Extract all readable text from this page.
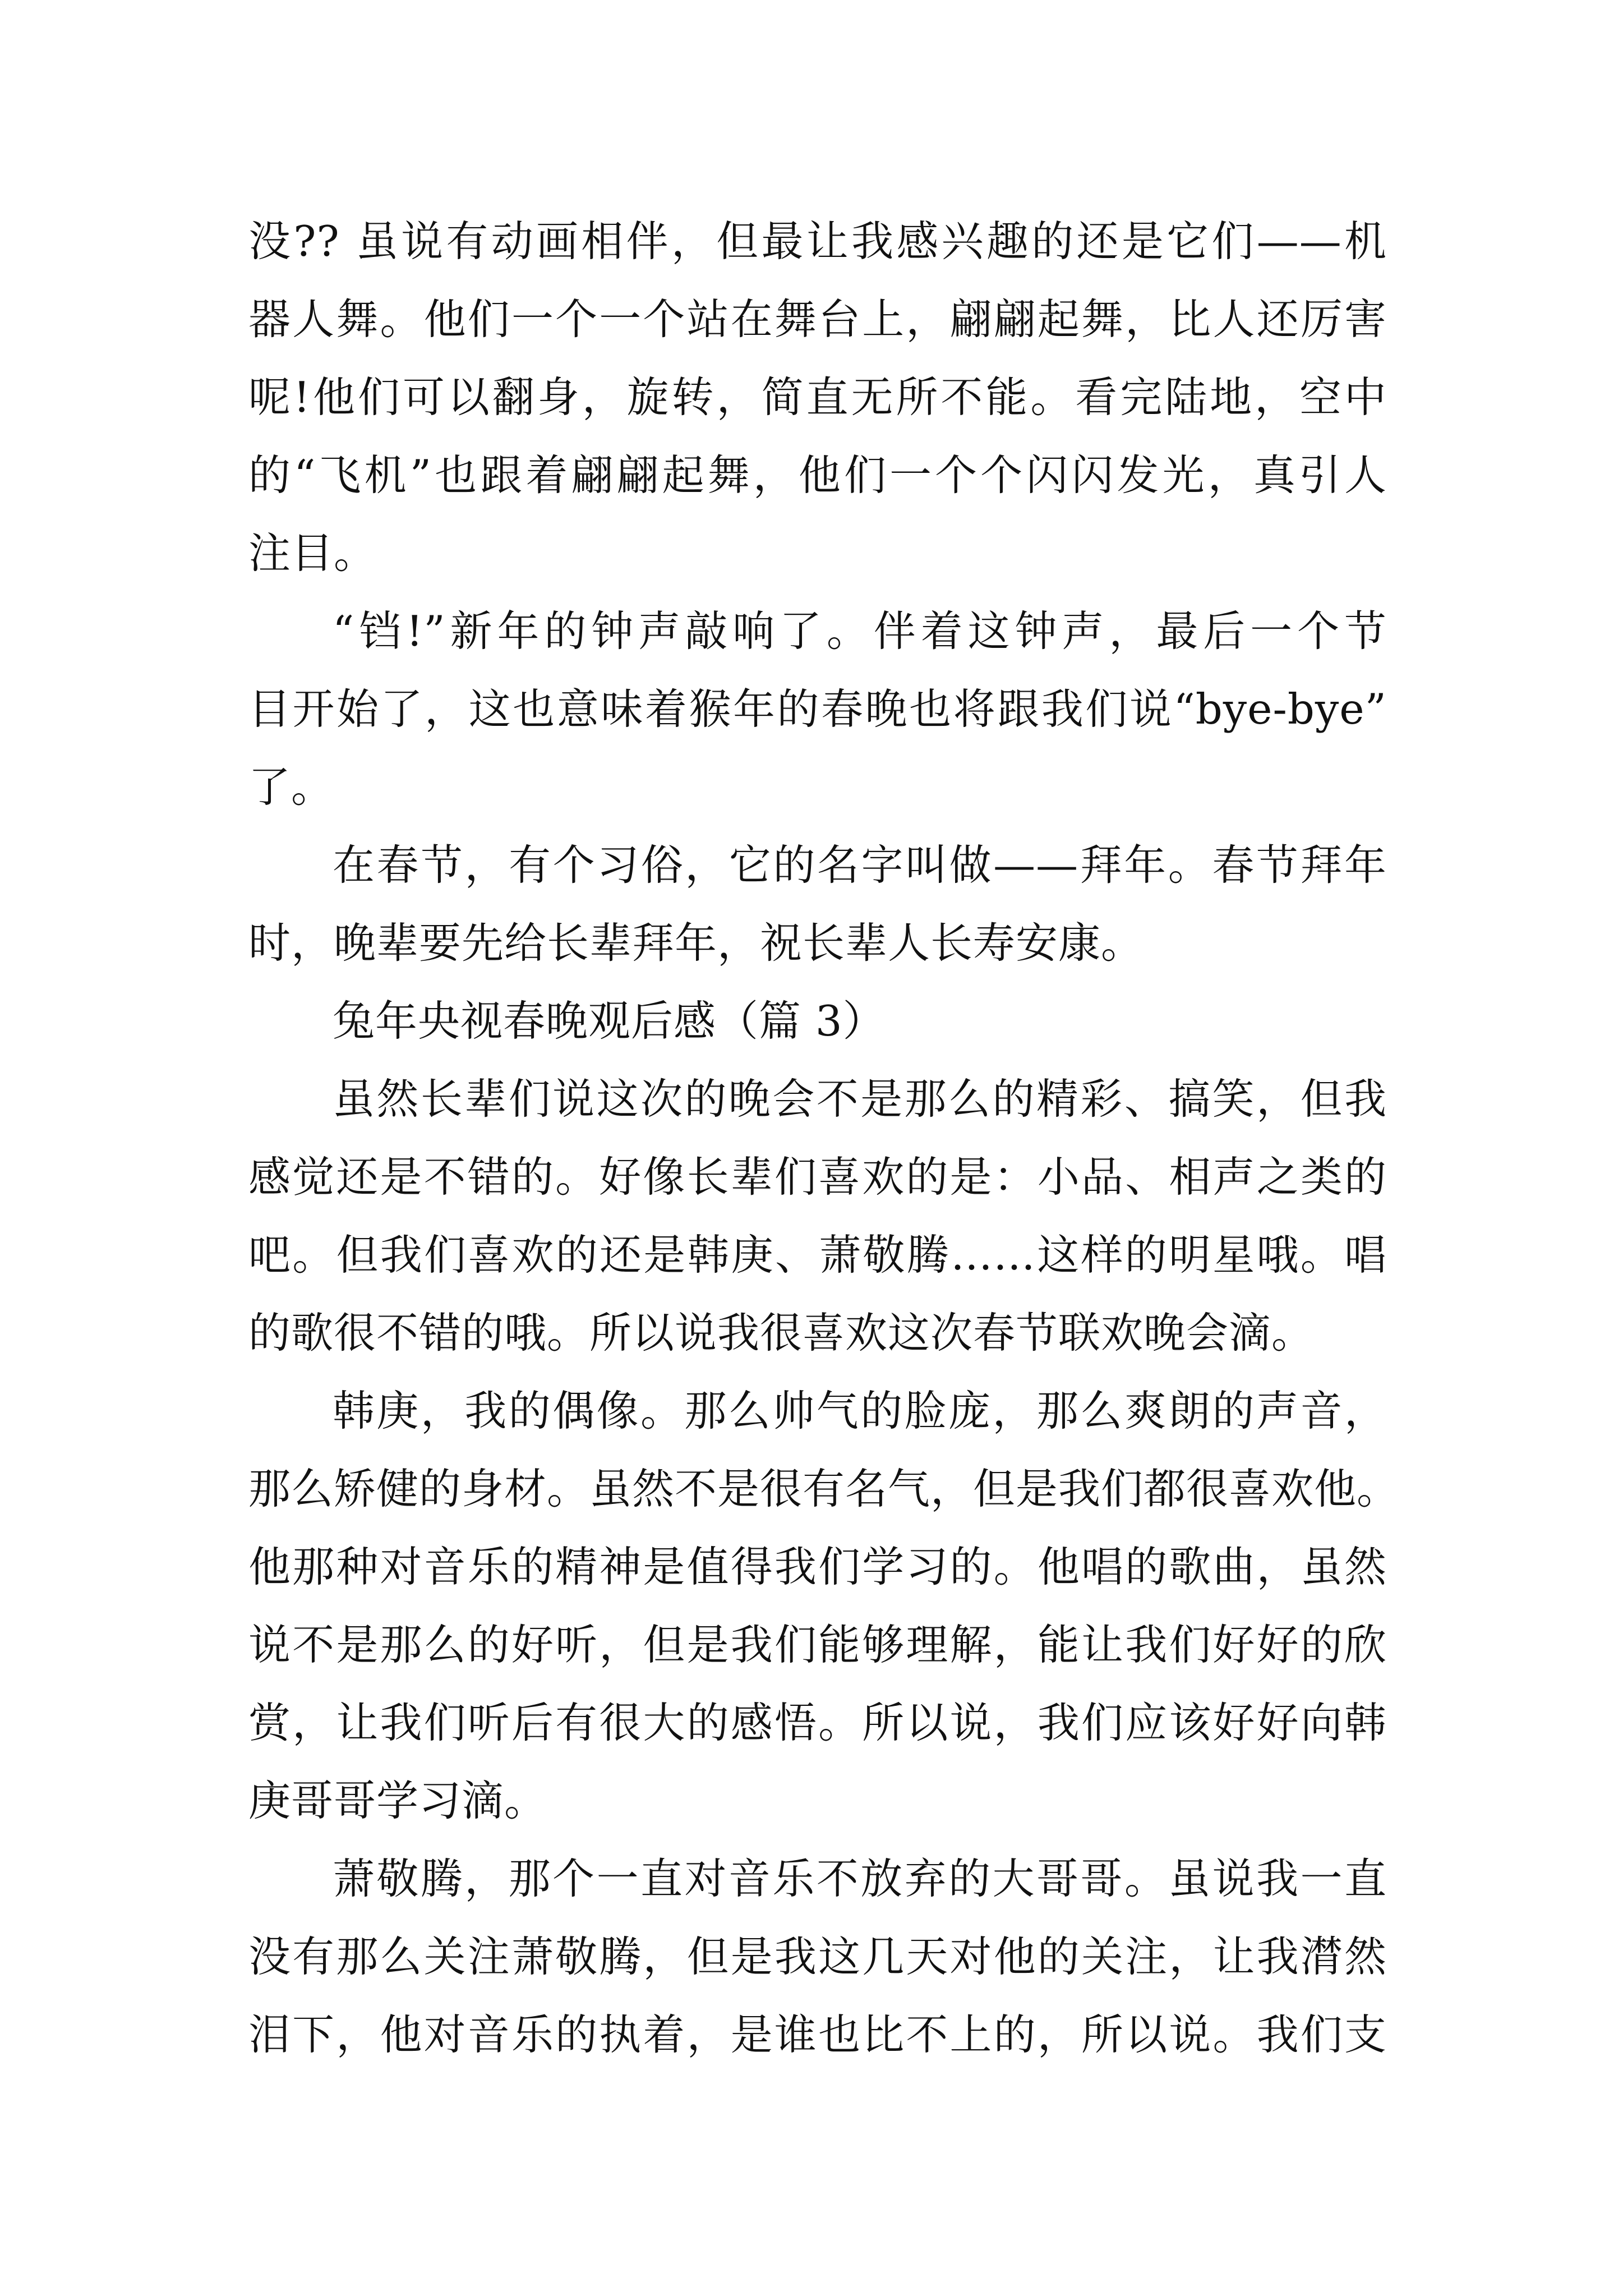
没?? 虽说有动画相伴，但最让我感兴趣的还是它们——机
器人舞。他们一个一个站在舞台上，翩翩起舞，比人还厉害
呢!他们可以翻身，旋转，简直无所不能。看完陆地，空中
的“飞机”也跟着翩翩起舞，他们一个个闪闪发光，真引人
注目。
“铛!”新年的钟声敲响了。伴着这钟声，最后一个节
目开始了，这也意味着猴年的春晚也将跟我们说“bye-bye”
了。
在春节，有个习俗，它的名字叫做——拜年。春节拜年
时，晚辈要先给长辈拜年，祝长辈人长寿安康。
兔年央视春晚观后感（篇 3）
虽然长辈们说这次的晚会不是那么的精彩、搞笑，但我
感觉还是不错的。好像长辈们喜欢的是：小品、相声之类的
吧。但我们喜欢的还是韩庚、萧敬腾……这样的明星哦。唱
的歌很不错的哦。所以说我很喜欢这次春节联欢晚会滴。
韩庚，我的偶像。那么帅气的脸庞，那么爽朗的声音，
那么矫健的身材。虽然不是很有名气，但是我们都很喜欢他。
他那种对音乐的精神是值得我们学习的。他唱的歌曲，虽然
说不是那么的好听，但是我们能够理解，能让我们好好的欣
赏，让我们听后有很大的感悟。所以说，我们应该好好向韩
庚哥哥学习滴。
萧敬腾，那个一直对音乐不放弃的大哥哥。虽说我一直
没有那么关注萧敬腾，但是我这几天对他的关注，让我潸然
泪下，他对音乐的执着，是谁也比不上的，所以说。我们支
